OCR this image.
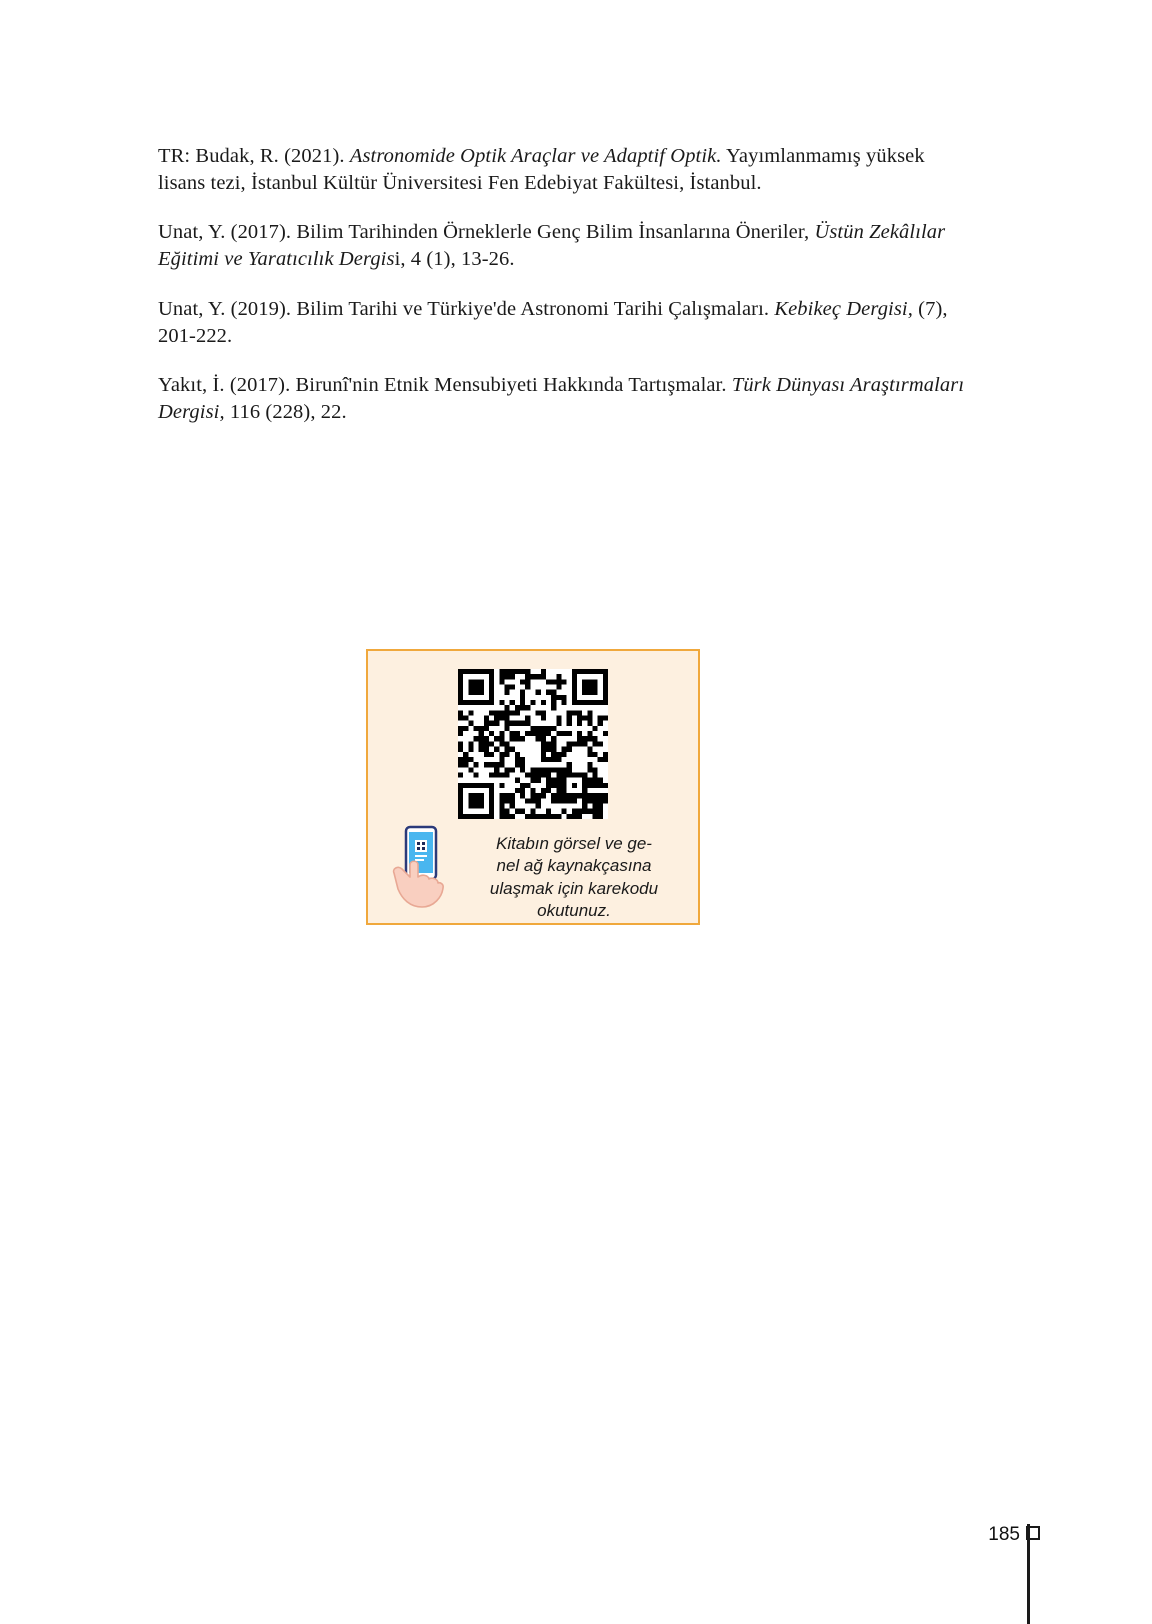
TR: Budak, R. (2021). Astronomide Optik Araçlar ve Adaptif Optik. Yayımlanmamış yüksek lisans tezi, İstanbul Kültür Üniversitesi Fen Edebiyat Fakültesi, İstanbul.

Unat, Y. (2017). Bilim Tarihinden Örneklerle Genç Bilim İnsanlarına Öneriler, Üstün Zekâlılar Eğitimi ve Yaratıcılık Dergisi, 4 (1), 13-26.

Unat, Y. (2019). Bilim Tarihi ve Türkiye'de Astronomi Tarihi Çalışmaları. Kebikeç Dergisi, (7), 201-222.

Yakıt, İ. (2017). Birunî'nin Etnik Mensubiyeti Hakkında Tartışmalar. Türk Dünyası Araştırmaları Dergisi, 116 (228), 22.

Kitabın görsel ve ge-
nel ağ kaynakçasına
ulaşmak için karekodu
okutunuz.
185
